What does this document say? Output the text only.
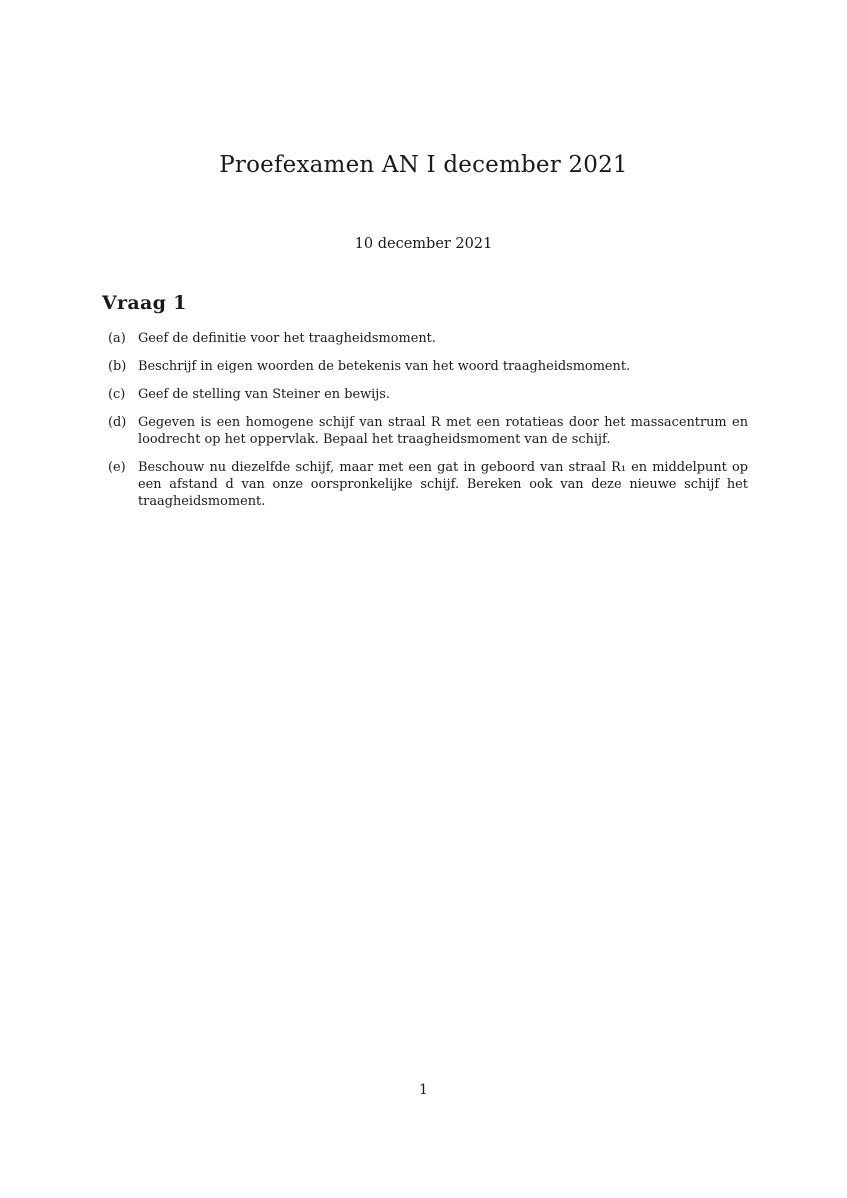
Proefexamen AN I december 2021
10 december 2021
Vraag 1
(a) Geef de definitie voor het traagheidsmoment.
(b) Beschrijf in eigen woorden de betekenis van het woord traagheidsmoment.
(c) Geef de stelling van Steiner en bewijs.
(d) Gegeven is een homogene schijf van straal R met een rotatieas door het massacentrum en loodrecht op het oppervlak. Bepaal het traagheidsmoment van de schijf.
(e) Beschouw nu diezelfde schijf, maar met een gat in geboord van straal R₁ en middelpunt op een afstand d van onze oorspronkelijke schijf. Bereken ook van deze nieuwe schijf het traagheidsmoment.
1
